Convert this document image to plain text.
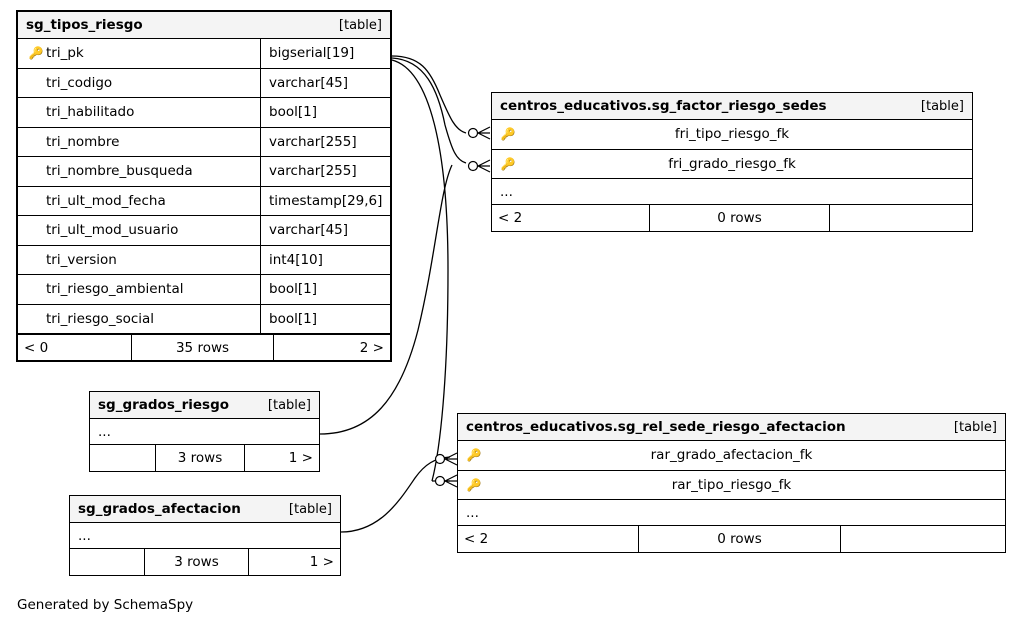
sg_tipos_riesgo	[table]
🔑 tri_pk	bigserial[19]
tri_codigo	varchar[45]
tri_habilitado	bool[1]
tri_nombre	varchar[255]
tri_nombre_busqueda	varchar[255]
tri_ult_mod_fecha	timestamp[29,6]
tri_ult_mod_usuario	varchar[45]
tri_version	int4[10]
tri_riesgo_ambiental	bool[1]
tri_riesgo_social	bool[1]
< 0	35 rows	2 >
centros_educativos.sg_factor_riesgo_sedes	[table]
🔑	fri_tipo_riesgo_fk
🔑	fri_grado_riesgo_fk
...
< 2	0 rows
sg_grados_riesgo	[table]
...
3 rows	1 >
sg_grados_afectacion	[table]
...
3 rows	1 >
centros_educativos.sg_rel_sede_riesgo_afectacion	[table]
🔑	rar_grado_afectacion_fk
🔑	rar_tipo_riesgo_fk
...
< 2	0 rows
Generated by SchemaSpy
